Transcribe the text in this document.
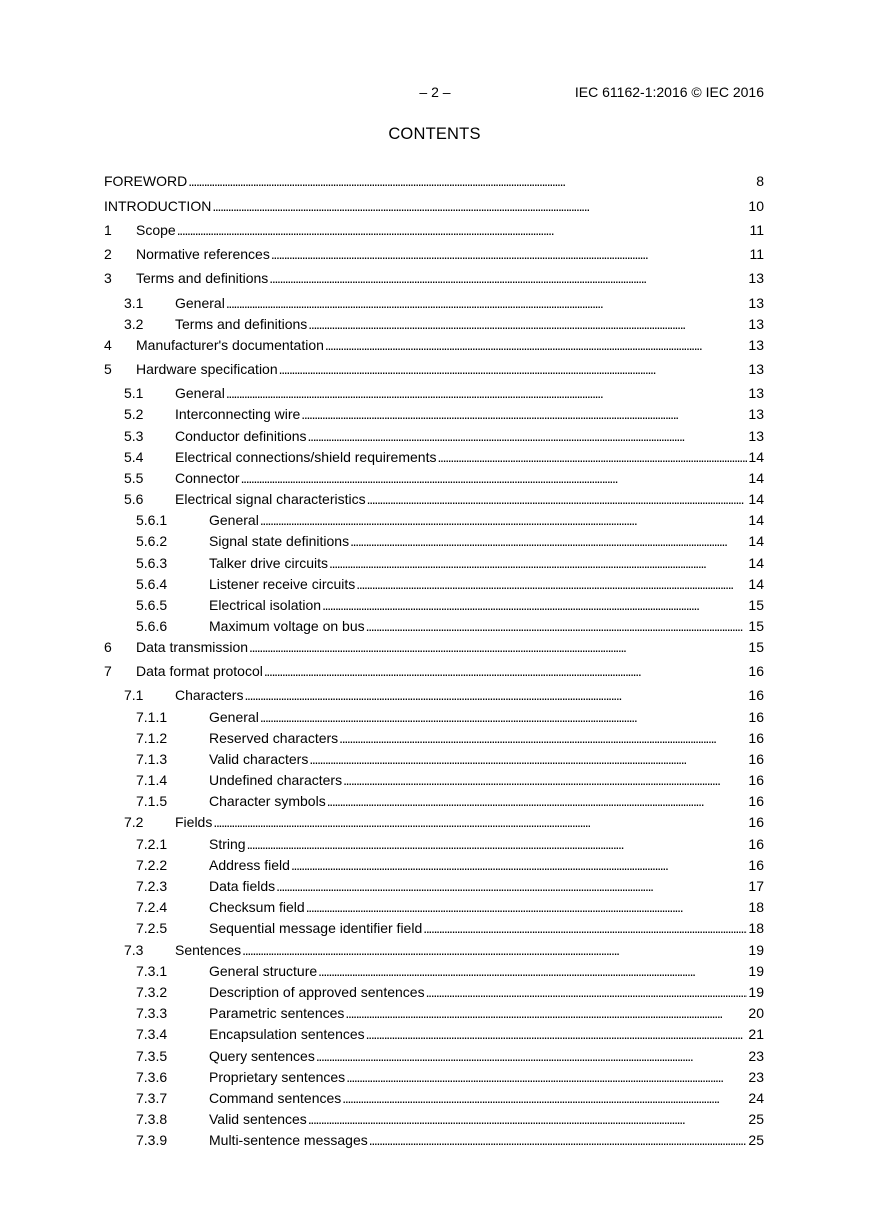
– 2 –	IEC 61162-1:2016 © IEC 2016
CONTENTS
FOREWORD . . .	8
INTRODUCTION . . .	10
1 Scope . . .	11
2 Normative references . . .	11
3 Terms and definitions . . .	13
3.1 General . . .	13
3.2 Terms and definitions . . .	13
4 Manufacturer's documentation . . .	13
5 Hardware specification . . .	13
5.1 General . . .	13
5.2 Interconnecting wire . . .	13
5.3 Conductor definitions . . .	13
5.4 Electrical connections/shield requirements . . .	14
5.5 Connector . . .	14
5.6 Electrical signal characteristics . . .	14
5.6.1	General . . .	14
5.6.2	Signal state definitions . . .	14
5.6.3	Talker drive circuits . . .	14
5.6.4	Listener receive circuits . . .	14
5.6.5	Electrical isolation . . .	15
5.6.6	Maximum voltage on bus . . .	15
6 Data transmission . . .	15
7 Data format protocol . . .	16
7.1 Characters . . .	16
7.1.1	General . . .	16
7.1.2	Reserved characters . . .	16
7.1.3	Valid characters . . .	16
7.1.4	Undefined characters . . .	16
7.1.5	Character symbols . . .	16
7.2 Fields . . .	16
7.2.1	String . . .	16
7.2.2	Address field . . .	16
7.2.3	Data fields . . .	17
7.2.4	Checksum field . . .	18
7.2.5	Sequential message identifier field . . .	18
7.3 Sentences . . .	19
7.3.1	General structure . . .	19
7.3.2	Description of approved sentences . . .	19
7.3.3	Parametric sentences . . .	20
7.3.4	Encapsulation sentences . . .	21
7.3.5	Query sentences . . .	23
7.3.6	Proprietary sentences . . .	23
7.3.7	Command sentences . . .	24
7.3.8	Valid sentences . . .	25
7.3.9	Multi-sentence messages . . .	25
